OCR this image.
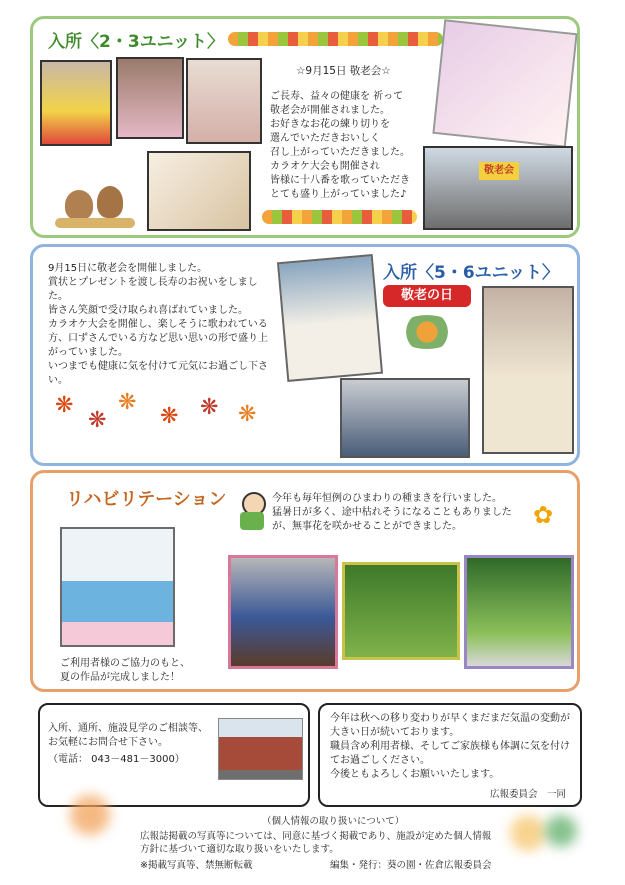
入所〈2・3ユニット〉
敬老会
☆9月15日 敬老会☆
ご長寿、益々の健康を 祈って
敬老会が開催されました。
お好きなお花の練り切りを
選んでいただきおいしく
召し上がっていただきました。
カラオケ大会も開催され
皆様に十八番を歌っていただき
とても盛り上がっていました♪
9月15日に敬老会を開催しました。
賞状とプレゼントを渡し長寿のお祝いをしました。
皆さん笑顔で受け取られ喜ばれていました。
カラオケ大会を開催し、楽しそうに歌われている方、口ずさんでいる方など思い思いの形で盛り上がっていました。
いつまでも健康に気を付けて元気にお過ごし下さい。
❋
❋
❋
❋ ❋ ❋
入所〈5・6ユニット〉
敬老の日
リハビリテーション	今年も毎年恒例のひまわりの種まきを行いました。
猛暑日が多く、途中枯れそうになることもありましたが、無事花を咲かせることができました。	✿
ご利用者様のご協力のもと、
夏の作品が完成しました！
入所、通所、施設見学のご相談等、
お気軽にお問合せ下さい。
（電話： 043－481－3000）
今年は秋への移り変わりが早くまだまだ気温の変動が大きい日が続いております。
職員含め利用者様、そしてご家族様も体調に気を付けてお過ごしください。
今後ともよろしくお願いいたします。
広報委員会　一同
（個人情報の取り扱いについて）
広報誌掲載の写真等については、同意に基づく掲載であり、施設が定めた個人情報方針に基づいて適切な取り扱いをいたします。
※掲載写真等、禁無断転載	編集・発行：葵の園・佐倉広報委員会
